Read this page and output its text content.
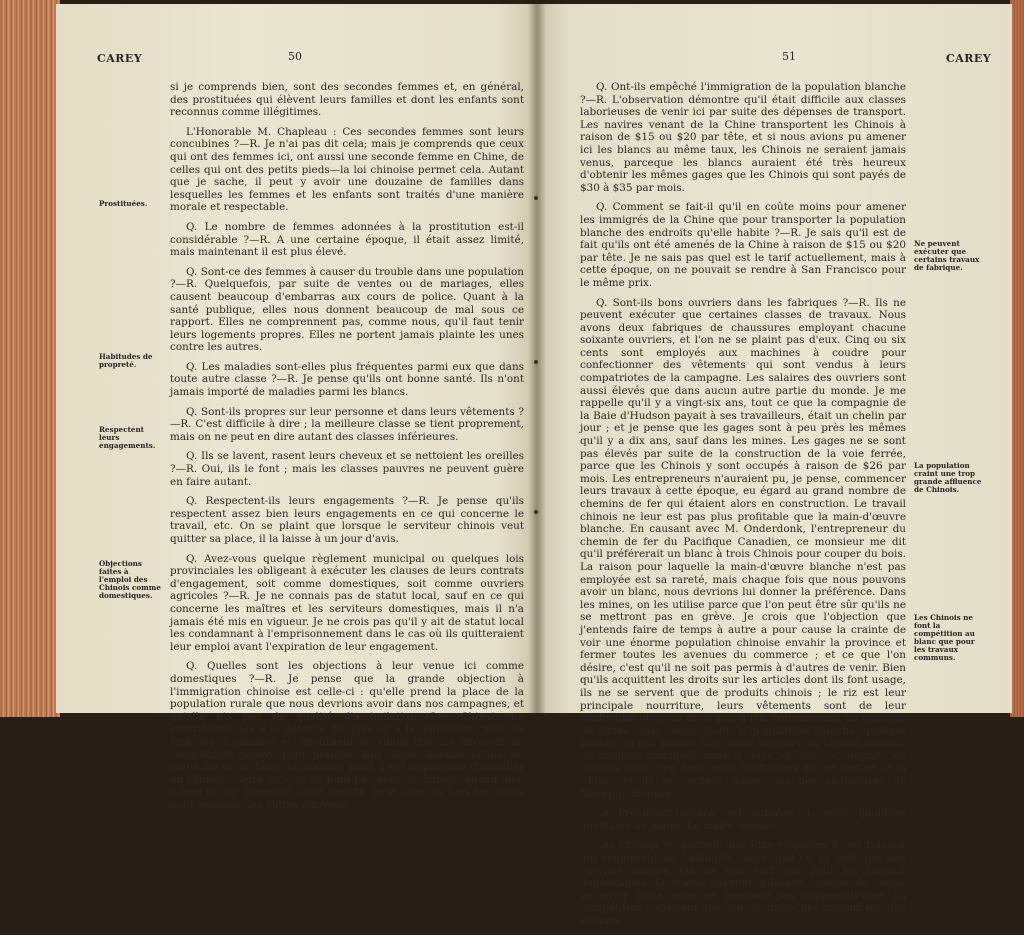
CAREY	50
Prostituées.
Habitudes de propreté.
Respectent leurs engagements.
Objections faites à l'emploi des Chinois comme domestiques.

si je comprends bien, sont des secondes femmes et, en général, des prostituées qui élèvent leurs familles et dont les enfants sont reconnus comme illégitimes.

L'Honorable M. Chapleau : Ces secondes femmes sont leurs concubines ?—R. Je n'ai pas dit cela; mais je comprends que ceux qui ont des femmes ici, ont aussi une seconde femme en Chine, de celles qui ont des petits pieds—la loi chinoise permet cela. Autant que je sache, il peut y avoir une douzaine de familles dans lesquelles les femmes et les enfants sont traités d'une manière morale et respectable.

Q. Le nombre de femmes adonnées à la prostitution est-il considérable ?—R. A une certaine époque, il était assez limité, mais maintenant il est plus élevé.

Q. Sont-ce des femmes à causer du trouble dans une population ?—R. Quelquefois, par suite de ventes ou de mariages, elles causent beaucoup d'embarras aux cours de police. Quant à la santé publique, elles nous donnent beaucoup de mal sous ce rapport. Elles ne comprennent pas, comme nous, qu'il faut tenir leurs logements propres. Elles ne portent jamais plainte les unes contre les autres.

Q. Les maladies sont-elles plus fréquentes parmi eux que dans toute autre classe ?—R. Je pense qu'ils ont bonne santé. Ils n'ont jamais importé de maladies parmi les blancs.

Q. Sont-ils propres sur leur personne et dans leurs vêtements ?—R. C'est difficile à dire ; la meilleure classe se tient proprement, mais on ne peut en dire autant des classes inférieures.

Q. Ils se lavent, rasent leurs cheveux et se nettoient les oreilles ?—R. Oui, ils le font ; mais les classes pauvres ne peuvent guère en faire autant.

Q. Respectent-ils leurs engagements ?—R. Je pense qu'ils respectent assez bien leurs engagements en ce qui concerne le travail, etc. On se plaint que lorsque le serviteur chinois veut quitter sa place, il la laisse à un jour d'avis.

Q. Avez-vous quelque règlement municipal ou quelques lois provinciales les obligeant à exécuter les clauses de leurs contrats d'engagement, soit comme domestiques, soit comme ouvriers agricoles ?—R. Je ne connais pas de statut local, sauf en ce qui concerne les maîtres et les serviteurs domestiques, mais il n'a jamais été mis en vigueur. Je ne crois pas qu'il y ait de statut local les condamnant à l'emprisonnement dans le cas où ils quitteraient leur emploi avant l'expiration de leur engagement.

Q. Quelles sont les objections à leur venue ici comme domestiques ?—R. Je pense que la grande objection à l'immigration chinoise est celle-ci : qu'elle prend la place de la population rurale que nous devrions avoir dans nos campagnes, et qu'elle n'a pas de qualité d'assimilation. Les Chinois ne contribuent pas à la défense du pays ou à la législation, mais ils font des économies et retournent en Chine d'où ils envoient un compatriote pauvre pour prendre leur place. Aucune loi ne les empêche de se faire naturaliser, mais il est impossible d'angliﬁer un Chinois. Cette race ne se fond pas avec les autres, quand bien même on lui donnerait toute facilité de le faire ou tous les droits dont jouissent les autres citoyens.

51	CAREY

Q. Ont-ils empêché l'immigration de la population blanche ?—R. L'observation démontre qu'il était difficile aux classes laborieuses de venir ici par suite des dépenses de transport. Les navires venant de la Chine transportent les Chinois à raison de $15 ou $20 par tête, et si nous avions pu amener ici les blancs au même taux, les Chinois ne seraient jamais venus, parceque les blancs auraient été très heureux d'obtenir les mêmes gages que les Chinois qui sont payés de $30 à $35 par mois.

Q. Comment se fait-il qu'il en coûte moins pour amener les immigrés de la Chine que pour transporter la population blanche des endroits qu'elle habite ?—R. Je sais qu'il est de fait qu'ils ont été amenés de la Chine à raison de $15 ou $20 par tête. Je ne sais pas quel est le tarif actuellement, mais à cette époque, on ne pouvait se rendre à San Francisco pour le même prix.

Q. Sont-ils bons ouvriers dans les fabriques ?—R. Ils ne peuvent exécuter que certaines classes de travaux. Nous avons deux fabriques de chaussures employant chacune soixante ouvriers, et l'on ne se plaint pas d'eux. Cinq ou six cents sont employés aux machines à coudre pour confectionner des vêtements qui sont vendus à leurs compatriotes de la campagne. Les salaires des ouvriers sont aussi élevés que dans aucun autre partie du monde. Je me rappelle qu'il y a vingt-six ans, tout ce que la compagnie de la Baie d'Hudson payait à ses travailleurs, était un chelin par jour ; et je pense que les gages sont à peu près les mêmes qu'il y a dix ans, sauf dans les mines. Les gages ne se sont pas élevés par suite de la construction de la voie ferrée, parce que les Chinois y sont occupés à raison de $26 par mois. Les entrepreneurs n'auraient pu, je pense, commencer leurs travaux à cette époque, eu égard au grand nombre de chemins de fer qui étaient alors en construction. Le travail chinois ne leur est pas plus profitable que la main-d'œuvre blanche. En causant avec M. Onderdonk, l'entrepreneur du chemin de fer du Pacifique Canadien, ce monsieur me dit qu'il préférerait un blanc à trois Chinois pour couper du bois. La raison pour laquelle la main-d'œuvre blanche n'est pas employée est sa rareté, mais chaque fois que nous pouvons avoir un blanc, nous devrions lui donner la préférence. Dans les mines, on les utilise parce que l'on peut être sûr qu'ils ne se mettront pas en grève. Je crois que l'objection que j'entends faire de temps à autre a pour cause la crainte de voir une énorme population chinoise envahir la province et fermer toutes les avenues du commerce ; et ce que l'on désire, c'est qu'il ne soit pas permis à d'autres de venir. Bien qu'ils acquittent les droits sur les articles dont ils font usage, ils ne se servent que de produits chinois ; le riz est leur principale nourriture, leurs vêtements sont de leur confection et je ne crois pas qu'ils consomment un seul sac de farine ; par contre toute la population blanche, quelque pauvre qu'elle puisse être, aura toujours un certain nombre de meubles fabriqués dans le pays, et sous ce rapport, les Chinois n'ont rien dans leurs habitations qui ne vienne de la Chine, et ils ne portent même pas des chaussures de fabrique chinoise.

Le Procureur-Général est autorisé à poser quelques questions au maire. Le maire répond:

Les Chinois ne peuvent pas être employés à des travaux qui requièrent de l'habileté, parce que ce ne sont pas des ouvriers adroits. On ne s'en sert que pour les travaux domestiques. Le travail manuel ordinaire, comme de savoir se servir d'une pelle, ne demande pas d'apprentissage. La compétition n'existant que pour la classe des travaux les plus élémen-

Ne peuvent exécuter que certains travaux de fabrique.
La population craint une trop grande affluence de Chinois.
Les Chinois ne font la compétition au blanc que pour les travaux communs.
